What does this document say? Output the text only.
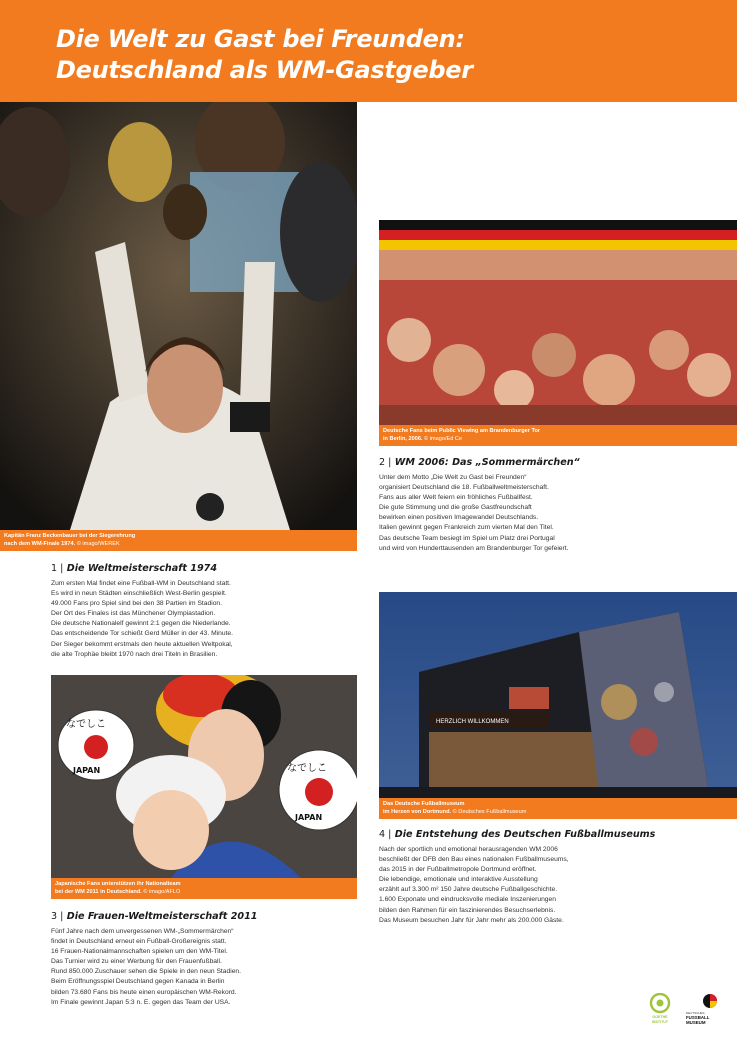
Die Welt zu Gast bei Freunden:
Deutschland als WM-Gastgeber
Kapitän Franz Beckenbauer bei der Siegerehrung
nach dem WM-Finale 1974. © imago/WEREK
Deutsche Fans beim Public Viewing am Brandenburger Tor
in Berlin, 2006. © imago/Ed Ce
2 | WM 2006: Das „Sommermärchen“

Unter dem Motto „Die Welt zu Gast bei Freunden“
organisiert Deutschland die 18. Fußballweltmeisterschaft.
Fans aus aller Welt feiern ein fröhliches Fußballfest.
Die gute Stimmung und die große Gastfreundschaft
bewirken einen positiven Imagewandel Deutschlands.
Italien gewinnt gegen Frankreich zum vierten Mal den Titel.
Das deutsche Team besiegt im Spiel um Platz drei Portugal
und wird von Hunderttausenden am Brandenburger Tor gefeiert.

1 | Die Weltmeisterschaft 1974

Zum ersten Mal findet eine Fußball-WM in Deutschland statt.
Es wird in neun Städten einschließlich West-Berlin gespielt.
49.000 Fans pro Spiel sind bei den 38 Partien im Stadion.
Der Ort des Finales ist das Münchener Olympiastadion.
Die deutsche Nationalelf gewinnt 2:1 gegen die Niederlande.
Das entscheidende Tor schießt Gerd Müller in der 43. Minute.
Der Sieger bekommt erstmals den heute aktuellen Weltpokal,
die alte Trophäe bleibt 1970 nach drei Titeln in Brasilien.

HERZLICH WILLKOMMEN
Das Deutsche Fußballmuseum
im Herzen von Dortmund. © Deutsches Fußballmuseum
なでしこ
JAPAN	なでしこ
JAPAN
Japanische Fans unterstützen ihr Nationalteam
bei der WM 2011 in Deutschland. © imago/AFLO
4 | Die Entstehung des Deutschen Fußballmuseums

Nach der sportlich und emotional herausragenden WM 2006
beschließt der DFB den Bau eines nationalen Fußballmuseums,
das 2015 in der Fußballmetropole Dortmund eröffnet.
Die lebendige, emotionale und interaktive Ausstellung
erzählt auf 3.300 m² 150 Jahre deutsche Fußballgeschichte.
1.600 Exponate und eindrucksvolle mediale Inszenierungen
bilden den Rahmen für ein faszinierendes Besuchserlebnis.
Das Museum besuchen Jahr für Jahr mehr als 200.000 Gäste.

3 | Die Frauen-Weltmeisterschaft 2011

Fünf Jahre nach dem unvergessenen WM-„Sommermärchen“
findet in Deutschland erneut ein Fußball-Großereignis statt.
16 Frauen-Nationalmannschaften spielen um den WM-Titel.
Das Turnier wird zu einer Werbung für den Frauenfußball.
Rund 850.000 Zuschauer sehen die Spiele in den neun Stadien.
Beim Eröffnungsspiel Deutschland gegen Kanada in Berlin
bilden 73.680 Fans bis heute einen europäischen WM-Rekord.
Im Finale gewinnt Japan 5:3 n. E. gegen das Team der USA.

GOETHE
INSTITUT
DEUTSCHES
FUSSBALL
MUSEUM
